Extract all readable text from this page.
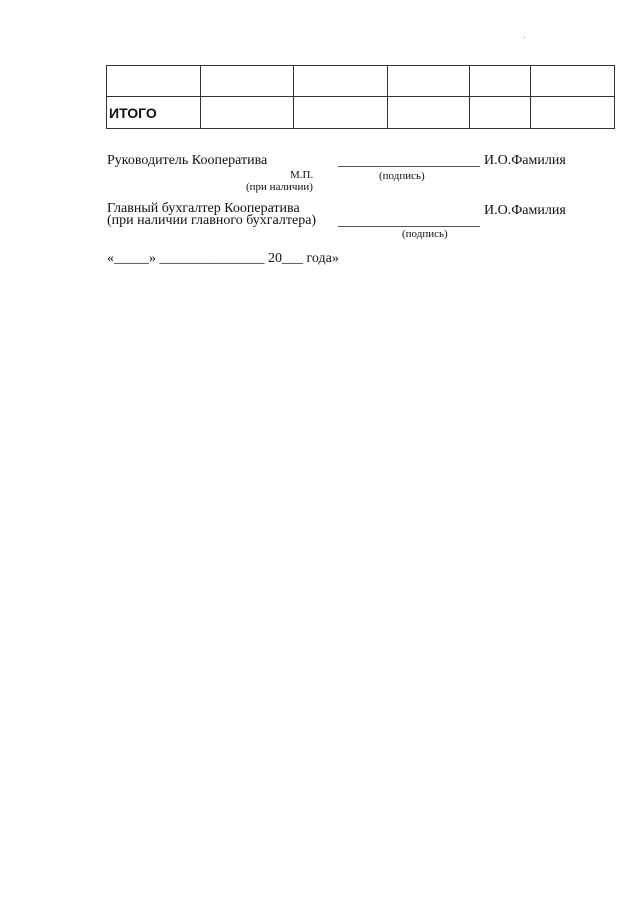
ИТОГО					
Руководитель Кооператива	И.О.Фамилия
М.П.	(подпись)
(при наличии)
Главный бухгалтер Кооператива
(при наличии главного бухгалтера)
И.О.Фамилия
(подпись)
«_____» _______________ 20___ года»
